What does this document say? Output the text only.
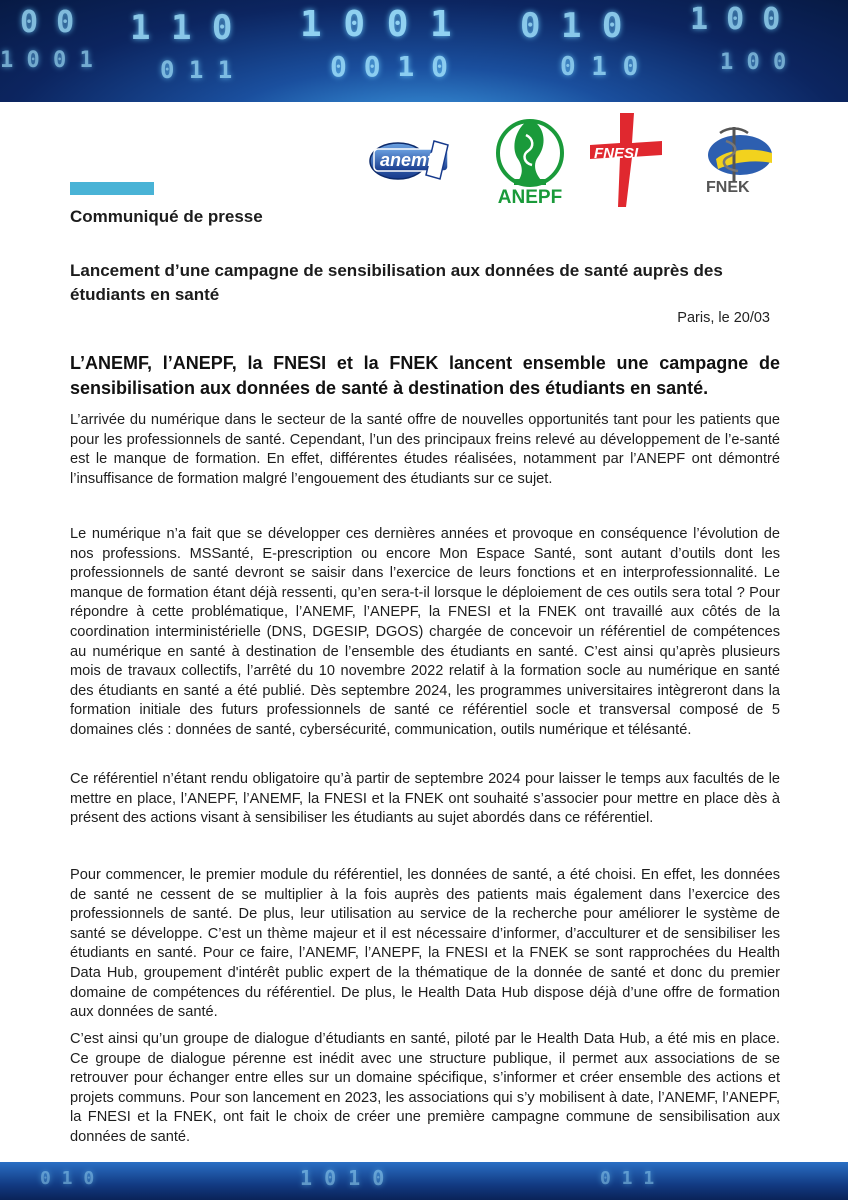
0 0 1 1 0 1 0 0 1 0 1 0 1 0 0
1 0 0 1	0 1 1	0 0 1 0	0 1 0	1 0 0
anemf
ANEPF
FNESI
FNEK

Communiqué de presse

Lancement d’une campagne de sensibilisation aux données de santé auprès des étudiants en santé

Paris, le 20/03

L’ANEMF, l’ANEPF, la FNESI et la FNEK lancent ensemble une campagne de sensibilisation aux données de santé à destination des étudiants en santé.

L’arrivée du numérique dans le secteur de la santé offre de nouvelles opportunités tant pour les patients que pour les professionnels de santé. Cependant, l’un des principaux freins relevé au développement de l’e-santé est le manque de formation. En effet, différentes études réalisées, notamment par l’ANEPF ont démontré l’insuffisance de formation malgré l’engouement des étudiants sur ce sujet.

Le numérique n’a fait que se développer ces dernières années et provoque en conséquence l’évolution de nos professions. MSSanté, E-prescription ou encore Mon Espace Santé, sont autant d’outils dont les professionnels de santé devront se saisir dans l’exercice de leurs fonctions et en interprofessionnalité. Le manque de formation étant déjà ressenti, qu’en sera-t-il lorsque le déploiement de ces outils sera total ? Pour répondre à cette problématique, l’ANEMF, l’ANEPF, la FNESI et la FNEK ont travaillé aux côtés de la coordination interministérielle (DNS, DGESIP, DGOS) chargée de concevoir un référentiel de compétences au numérique en santé à destination de l’ensemble des étudiants en santé. C’est ainsi qu’après plusieurs mois de travaux collectifs, l’arrêté du 10 novembre 2022 relatif à la formation socle au numérique en santé des étudiants en santé a été publié. Dès septembre 2024, les programmes universitaires intègreront dans la formation initiale des futurs professionnels de santé ce référentiel socle et transversal composé de 5 domaines clés : données de santé, cybersécurité, communication, outils numérique et télésanté.

Ce référentiel n’étant rendu obligatoire qu’à partir de septembre 2024 pour laisser le temps aux facultés de le mettre en place, l’ANEPF, l’ANEMF, la FNESI et la FNEK ont souhaité s’associer pour mettre en place dès à présent des actions visant à sensibiliser les étudiants au sujet abordés dans ce référentiel.

Pour commencer, le premier module du référentiel, les données de santé, a été choisi. En effet, les données de santé ne cessent de se multiplier à la fois auprès des patients mais également dans l’exercice des professionnels de santé. De plus, leur utilisation au service de la recherche pour améliorer le système de santé se développe. C’est un thème majeur et il est nécessaire d’informer, d’acculturer et de sensibiliser les étudiants en santé. Pour ce faire, l’ANEMF, l’ANEPF, la FNESI et la FNEK se sont rapprochées du Health Data Hub, groupement d'intérêt public expert de la thématique de la donnée de santé et donc du premier domaine de compétences du référentiel. De plus, le Health Data Hub dispose déjà d’une offre de formation aux données de santé.

C’est ainsi qu’un groupe de dialogue d’étudiants en santé, piloté par le Health Data Hub, a été mis en place. Ce groupe de dialogue pérenne est inédit avec une structure publique, il permet aux associations de se retrouver pour échanger entre elles sur un domaine spécifique, s’informer et créer ensemble des actions et projets communs. Pour son lancement en 2023, les associations qui s’y mobilisent à date, l’ANEMF, l’ANEPF, la FNESI et la FNEK, ont fait le choix de créer une première campagne commune de sensibilisation aux données de santé.

0 1 0	1 0 1 0	0 1 1
